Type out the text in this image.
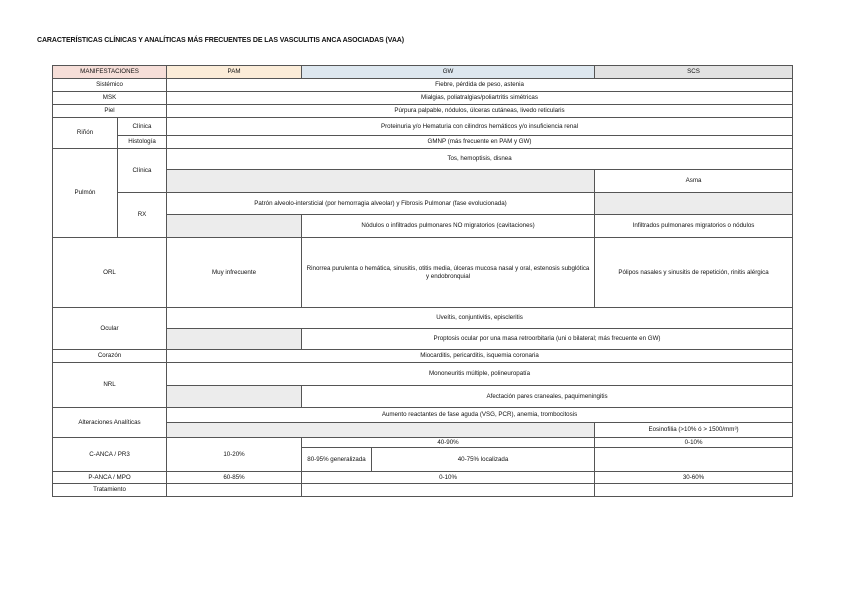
CARACTERÍSTICAS CLÍNICAS Y ANALÍTICAS MÁS FRECUENTES DE LAS VASCULITIS ANCA ASOCIADAS (VAA)
MANIFESTACIONES		PAM	GW		SCS
Sistémico		Fiebre, pérdida de peso, astenia			
MSK		Mialgias, poliatralgias/poliartritis simétricas			
Piel		Púrpura palpable, nódulos, úlceras cutáneas, livedo reticularis			
Riñón	Clínica	Proteinuria y/o Hematuria con cilindros hemáticos y/o insuficiencia renal			
	Histología	GMNP (más frecuente en PAM y GW)			
Pulmón	Clínica	Tos, hemoptisis, disnea			
					Asma
	RX	Patrón alveolo-intersticial (por hemorragia alveolar) y Fibrosis Pulmonar (fase evolucionada)			
			Nódulos o infiltrados pulmonares NO migratorios (cavitaciones)		Infiltrados pulmonares migratorios o nódulos
ORL		Muy infrecuente	Rinorrea purulenta o hemática, sinusitis, otitis media, úlceras mucosa nasal y oral, estenosis subglótica y endobronquial		Pólipos nasales y sinusitis de repetición, rinitis alérgica
Ocular		Uveítis, conjuntivitis, episcleritis			
			Proptosis ocular por una masa retroorbitaria (uni o bilateral; más frecuente en GW)		
Corazón		Miocarditis, pericarditis, isquemia coronaria			
NRL		Mononeuritis múltiple, polineuropatía			
			Afectación pares craneales, paquimeningitis		
Alteraciones Analíticas		Aumento reactantes de fase aguda (VSG, PCR), anemia, trombocitosis			
					Eosinofilia (>10% ó > 1500/mm³)
C-ANCA / PR3		10-20%	40-90%		0-10%
			80-95% generalizada	40-75% localizada	
P-ANCA / MPO		60-85%	0-10%		30-60%
Tratamiento					
